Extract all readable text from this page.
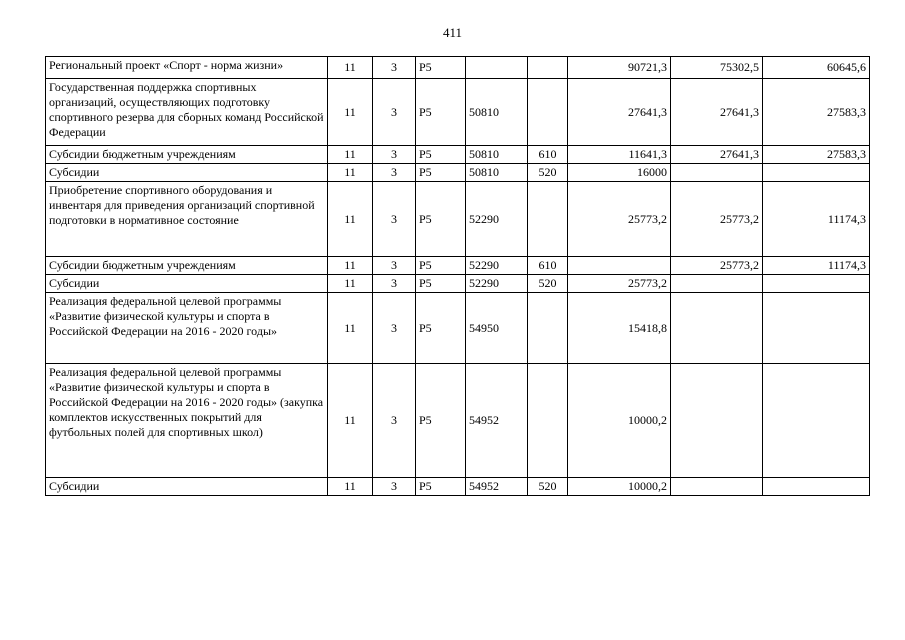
411
Региональный проект «Спорт - норма жизни»	11	3	P5			90721,3	75302,5	60645,6
Государственная поддержка спортивных организаций, осуществляющих подготовку спортивного резерва для сборных команд Российской Федерации	11	3	P5	50810		27641,3	27641,3	27583,3
Субсидии бюджетным учреждениям	11	3	P5	50810	610	11641,3	27641,3	27583,3
Субсидии	11	3	P5	50810	520	16000		
Приобретение спортивного оборудования и инвентаря для приведения организаций спортивной подготовки в нормативное состояние	11	3	P5	52290		25773,2	25773,2	11174,3
Субсидии бюджетным учреждениям	11	3	P5	52290	610		25773,2	11174,3
Субсидии	11	3	P5	52290	520	25773,2		
Реализация федеральной целевой программы «Развитие физической культуры и спорта в Российской Федерации на 2016 - 2020 годы»	11	3	P5	54950		15418,8		
Реализация федеральной целевой программы «Развитие физической культуры и спорта в Российской Федерации на 2016 - 2020 годы» (закупка комплектов искусственных покрытий для футбольных полей для спортивных школ)	11	3	P5	54952		10000,2		
Субсидии	11	3	P5	54952	520	10000,2		
